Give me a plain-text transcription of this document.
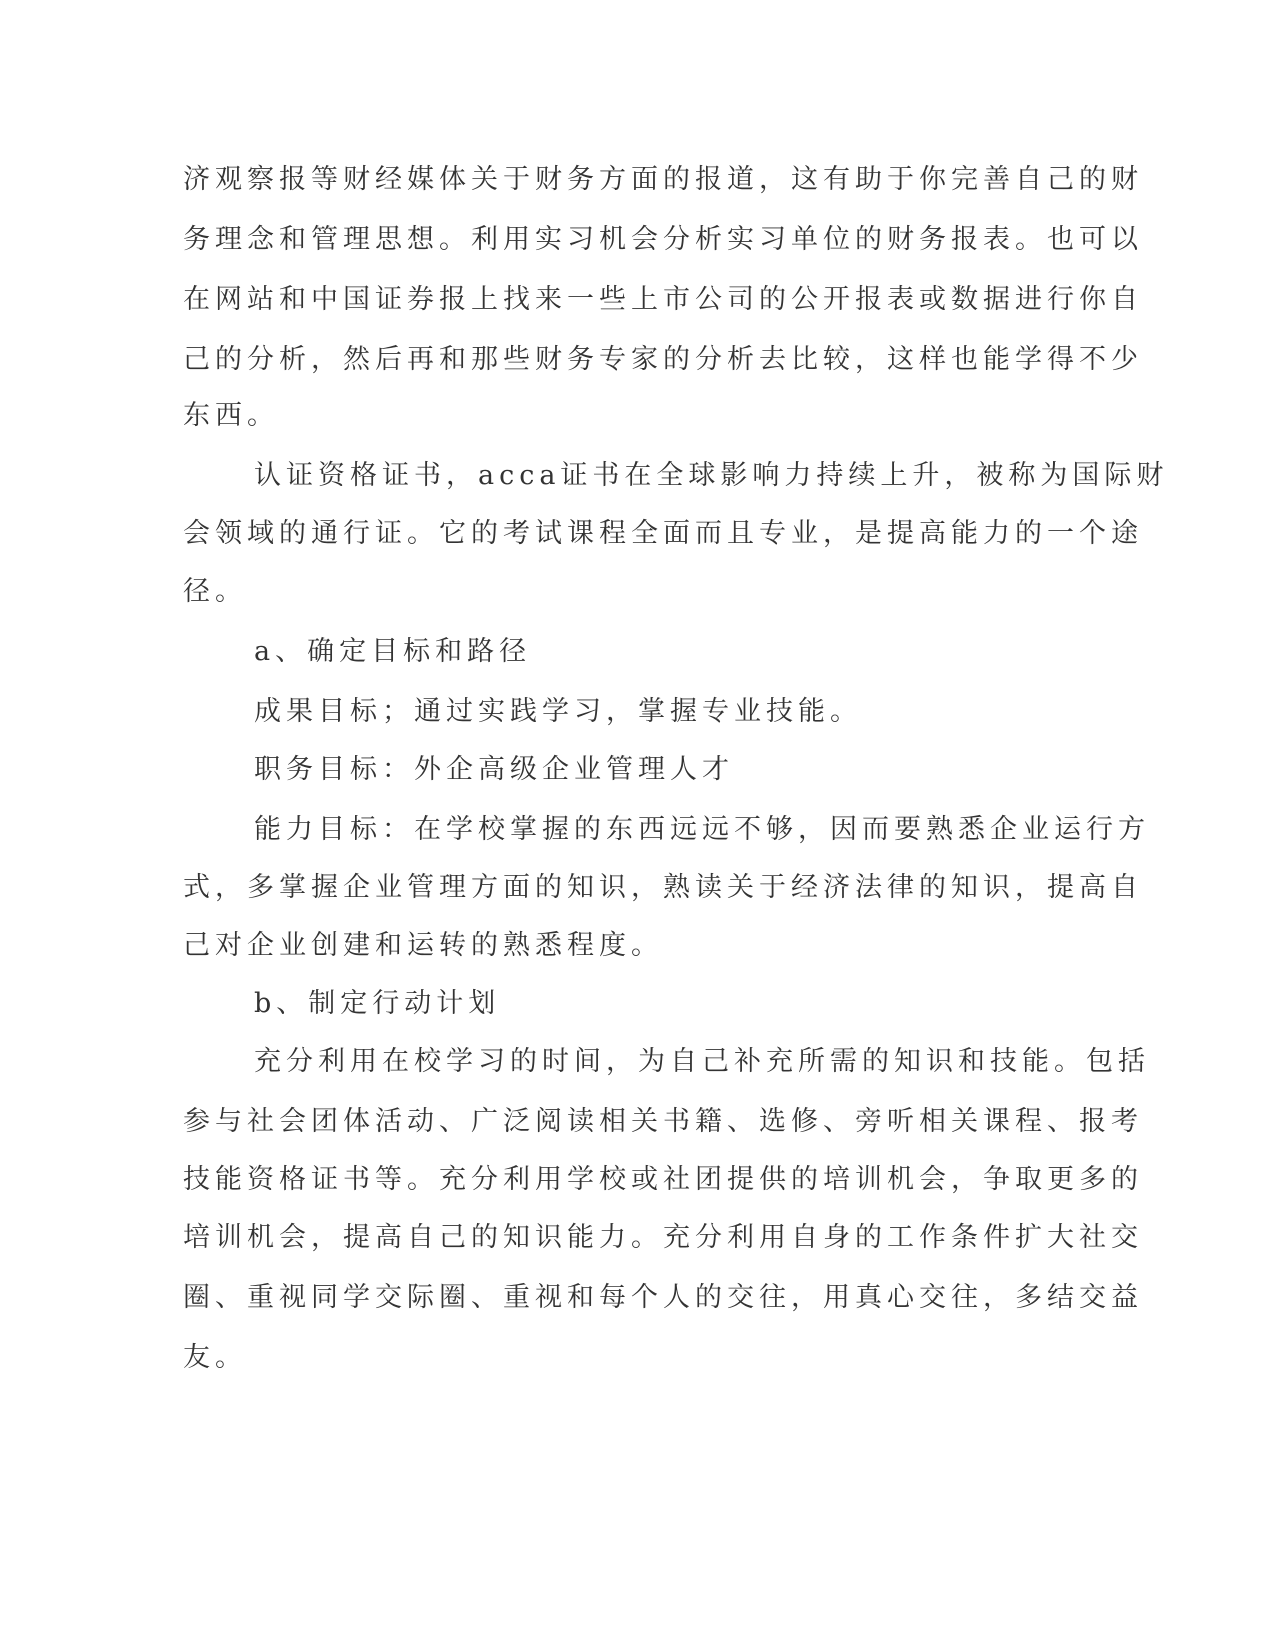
济观察报等财经媒体关于财务方面的报道，这有助于你完善自己的财
务理念和管理思想。利用实习机会分析实习单位的财务报表。也可以
在网站和中国证券报上找来一些上市公司的公开报表或数据进行你自
己的分析，然后再和那些财务专家的分析去比较，这样也能学得不少
东西。
认证资格证书，acca证书在全球影响力持续上升，被称为国际财
会领域的通行证。它的考试课程全面而且专业，是提高能力的一个途
径。
a、确定目标和路径
成果目标；通过实践学习，掌握专业技能。
职务目标：外企高级企业管理人才
能力目标：在学校掌握的东西远远不够，因而要熟悉企业运行方
式，多掌握企业管理方面的知识，熟读关于经济法律的知识，提高自
己对企业创建和运转的熟悉程度。
b、制定行动计划
充分利用在校学习的时间，为自己补充所需的知识和技能。包括
参与社会团体活动、广泛阅读相关书籍、选修、旁听相关课程、报考
技能资格证书等。充分利用学校或社团提供的培训机会，争取更多的
培训机会，提高自己的知识能力。充分利用自身的工作条件扩大社交
圈、重视同学交际圈、重视和每个人的交往，用真心交往，多结交益
友。
